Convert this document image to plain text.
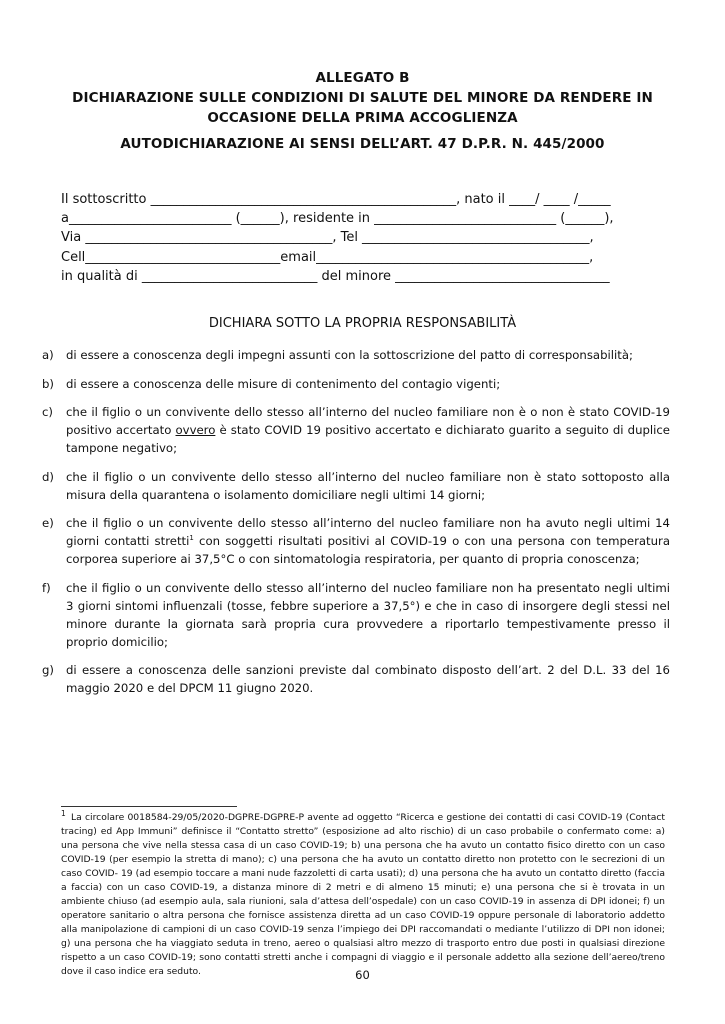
ALLEGATO B
DICHIARAZIONE SULLE CONDIZIONI DI SALUTE DEL MINORE DA RENDERE IN
OCCASIONE DELLA PRIMA ACCOGLIENZA
AUTODICHIARAZIONE AI SENSI DELL’ART. 47 D.P.R. N. 445/2000
Il sottoscritto _______________________________________________, nato il ____/ ____ /_____
a_________________________ (______), residente in ____________________________ (______),
Via ______________________________________, Tel ___________________________________,
Cell______________________________email__________________________________________,
in qualità di ___________________________ del minore _________________________________
DICHIARA SOTTO LA PROPRIA RESPONSABILITÀ
a)	di essere a conoscenza degli impegni assunti con la sottoscrizione del patto di corresponsabilità;
b)	di essere a conoscenza delle misure di contenimento del contagio vigenti;
c)	che il figlio o un convivente dello stesso all’interno del nucleo familiare non è o non è stato COVID-19 positivo accertato ovvero è stato COVID 19 positivo accertato e dichiarato guarito a seguito di duplice tampone negativo;
d)	che il figlio o un convivente dello stesso all’interno del nucleo familiare non è stato sottoposto alla misura della quarantena o isolamento domiciliare negli ultimi 14 giorni;
e)	che il figlio o un convivente dello stesso all’interno del nucleo familiare non ha avuto negli ultimi 14 giorni contatti stretti$^1$ con soggetti risultati positivi al COVID-19 o con una persona con temperatura corporea superiore ai 37,5°C o con sintomatologia respiratoria, per quanto di propria conoscenza;
f)	che il figlio o un convivente dello stesso all’interno del nucleo familiare non ha presentato negli ultimi 3 giorni sintomi influenzali (tosse, febbre superiore a 37,5°) e che in caso di insorgere degli stessi nel minore durante la giornata sarà propria cura provvedere a riportarlo tempestivamente presso il proprio domicilio;
g)	di essere a conoscenza delle sanzioni previste dal combinato disposto dell’art. 2 del D.L. 33 del 16 maggio 2020 e del DPCM 11 giugno 2020.
$^1$ La circolare 0018584-29/05/2020-DGPRE-DGPRE-P avente ad oggetto “Ricerca e gestione dei contatti di casi COVID-19 (Contact tracing) ed App Immuni” definisce il “Contatto stretto” (esposizione ad alto rischio) di un caso probabile o confermato come: a) una persona che vive nella stessa casa di un caso COVID-19; b) una persona che ha avuto un contatto fisico diretto con un caso COVID-19 (per esempio la stretta di mano); c) una persona che ha avuto un contatto diretto non protetto con le secrezioni di un caso COVID- 19 (ad esempio toccare a mani nude fazzoletti di carta usati); d) una persona che ha avuto un contatto diretto (faccia a faccia) con un caso COVID-19, a distanza minore di 2 metri e di almeno 15 minuti; e) una persona che si è trovata in un ambiente chiuso (ad esempio aula, sala riunioni, sala d’attesa dell’ospedale) con un caso COVID-19 in assenza di DPI idonei; f) un operatore sanitario o altra persona che fornisce assistenza diretta ad un caso COVID-19 oppure personale di laboratorio addetto alla manipolazione di campioni di un caso COVID-19 senza l’impiego dei DPI raccomandati o mediante l’utilizzo di DPI non idonei; g) una persona che ha viaggiato seduta in treno, aereo o qualsiasi altro mezzo di trasporto entro due posti in qualsiasi direzione rispetto a un caso COVID-19; sono contatti stretti anche i compagni di viaggio e il personale addetto alla sezione dell’aereo/treno dove il caso indice era seduto.	60
